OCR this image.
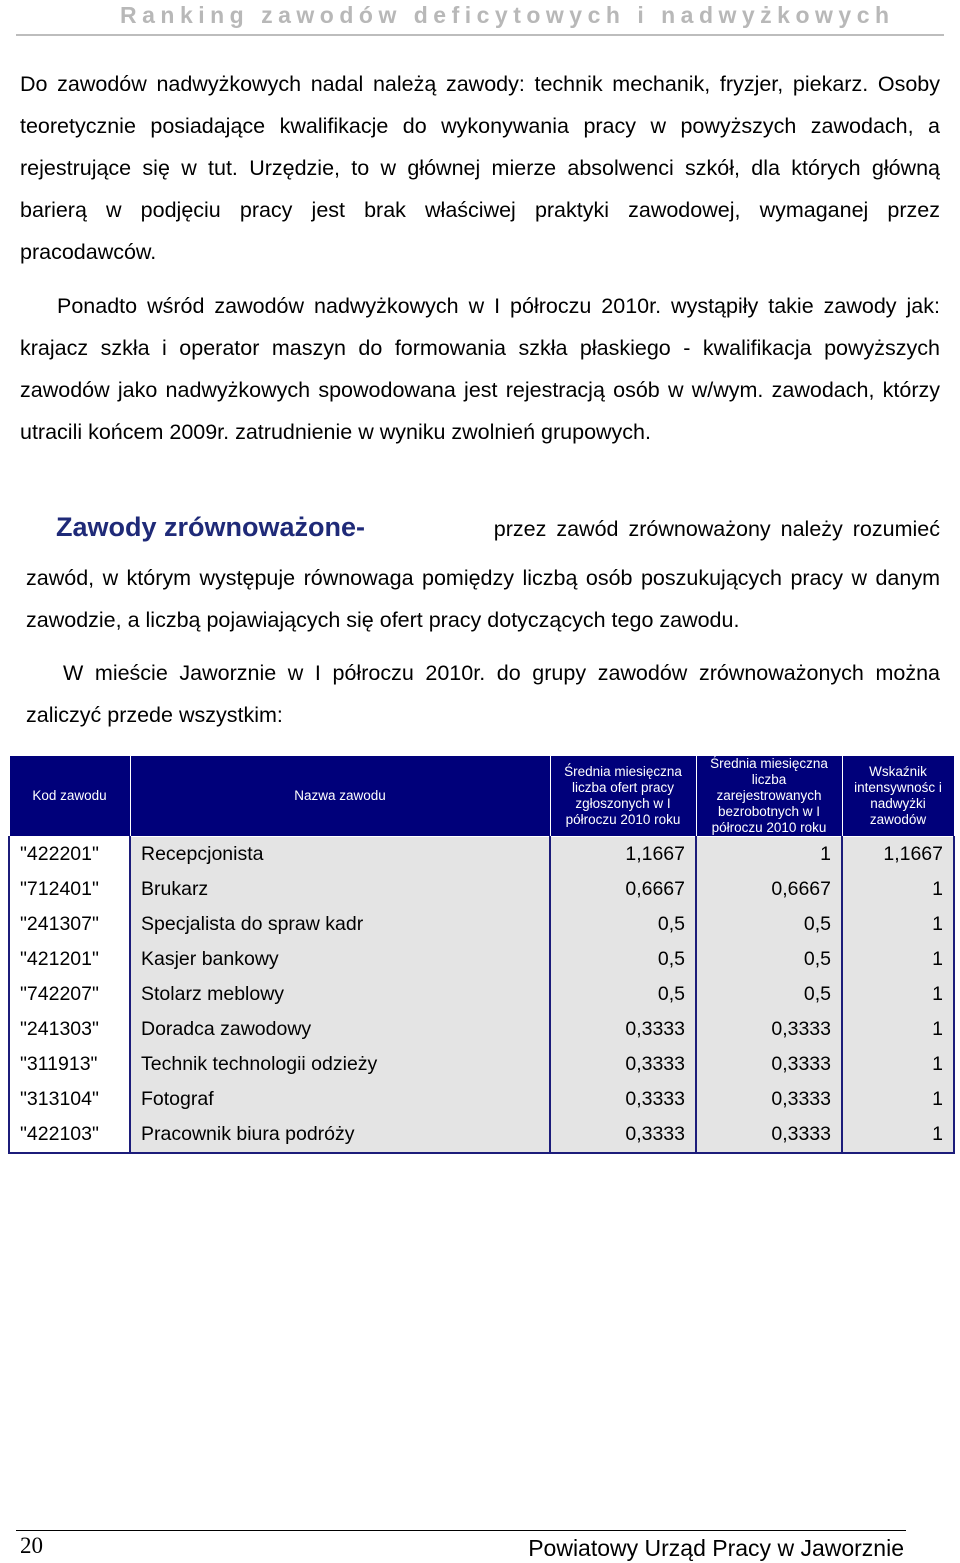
Ranking zawodów deficytowych i nadwyżkowych

Do zawodów nadwyżkowych nadal należą zawody: technik mechanik, fryzjer, piekarz. Osoby teoretycznie posiadające kwalifikacje do wykonywania pracy w powyższych zawodach, a rejestrujące się w tut. Urzędzie, to w głównej mierze absolwenci szkół, dla których główną barierą w podjęciu pracy jest brak właściwej praktyki zawodowej, wymaganej przez pracodawców.

Ponadto wśród zawodów nadwyżkowych w I półroczu 2010r. wystąpiły takie zawody jak: krajacz szkła i operator maszyn do formowania szkła płaskiego - kwalifikacja powyższych zawodów jako nadwyżkowych spowodowana jest rejestracją osób w w/wym. zawodach, którzy utracili końcem 2009r. zatrudnienie w wyniku zwolnień grupowych.

Zawody zrównoważone-	przez zawód zrównoważony należy rozumieć

zawód, w którym występuje równowaga pomiędzy liczbą osób poszukujących pracy w danym zawodzie, a liczbą pojawiających się ofert pracy dotyczących tego zawodu.

W mieście Jaworznie w I półroczu 2010r. do grupy zawodów zrównoważonych można zaliczyć przede wszystkim:

Kod zawodu	Nazwa zawodu	Średnia miesięczna liczba ofert pracy zgłoszonych w I półroczu 2010 roku	Średnia miesięczna liczba zarejestrowanych bezrobotnych w I półroczu 2010 roku	Wskaźnik intensywnośc i nadwyżki zawodów
"422201"	Recepcjonista	1,1667	1	1,1667
"712401"	Brukarz	0,6667	0,6667	1
"241307"	Specjalista do spraw kadr	0,5	0,5	1
"421201"	Kasjer bankowy	0,5	0,5	1
"742207"	Stolarz meblowy	0,5	0,5	1
"241303"	Doradca zawodowy	0,3333	0,3333	1
"311913"	Technik technologii odzieży	0,3333	0,3333	1
"313104"	Fotograf	0,3333	0,3333	1
"422103"	Pracownik biura podróży	0,3333	0,3333	1
20	Powiatowy Urząd Pracy w Jaworznie
